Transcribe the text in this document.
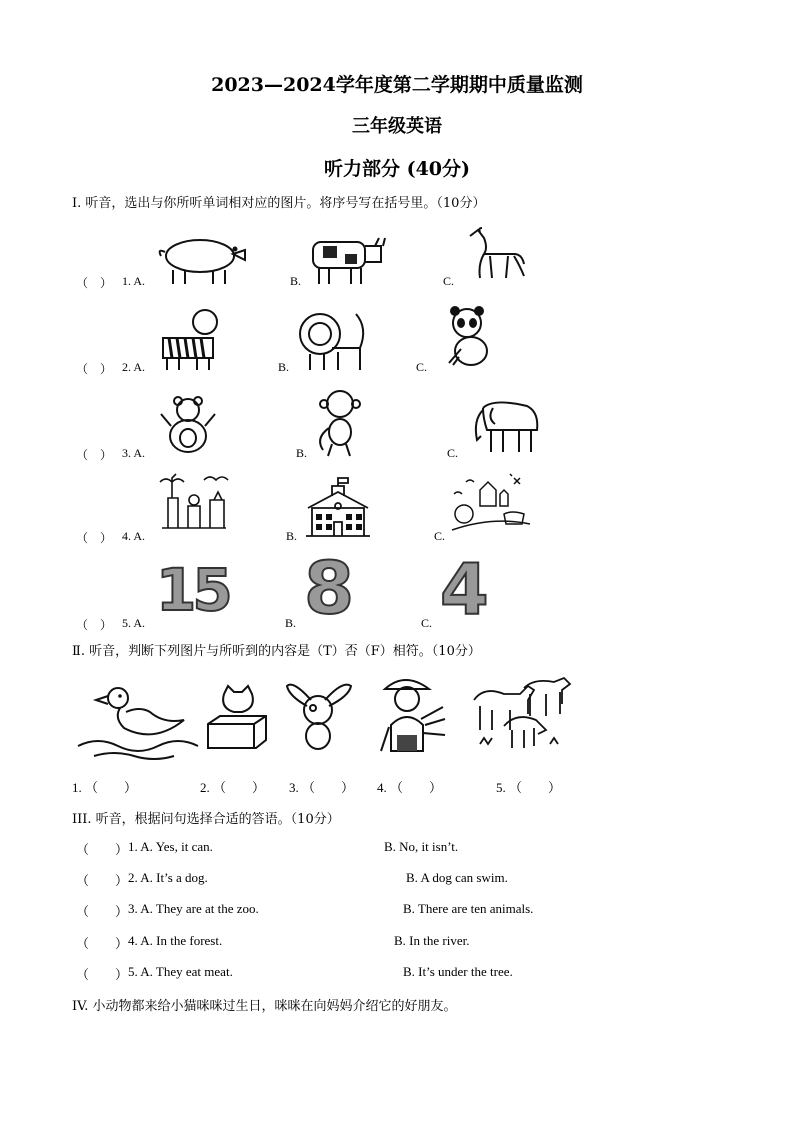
2023—2024学年度第二学期期中质量监测
三年级英语
听力部分 (40分)
I. 听音，选出与你所听单词相对应的图片。将序号写在括号里。（10分）
（　） 1. A.	B.	C.
（　） 2. A.	B.	C.
（　） 3. A.	B.	C.
（　） 4. A.	B.	C.
（　） 5. A.	B.	C.
15 8 4
Ⅱ. 听音，判断下列图片与所听到的内容是（T）否（F）相符。（10分）
1. （　　）	2. （　　） 3. （　　） 4. （　　）	5. （　　）
III. 听音，根据问句选择合适的答语。（10分）
（　　） 1. A. Yes, it can.	B. No, it isn’t.
（　　） 2. A. It’s a dog.	B. A dog can swim.
（　　） 3. A. They are at the zoo.	B. There are ten animals.
（　　） 4. A. In the forest.	B. In the river.
（　　） 5. A. They eat meat.	B. It’s under the tree.
IV. 小动物都来给小猫咪咪过生日，咪咪在向妈妈介绍它的好朋友。
